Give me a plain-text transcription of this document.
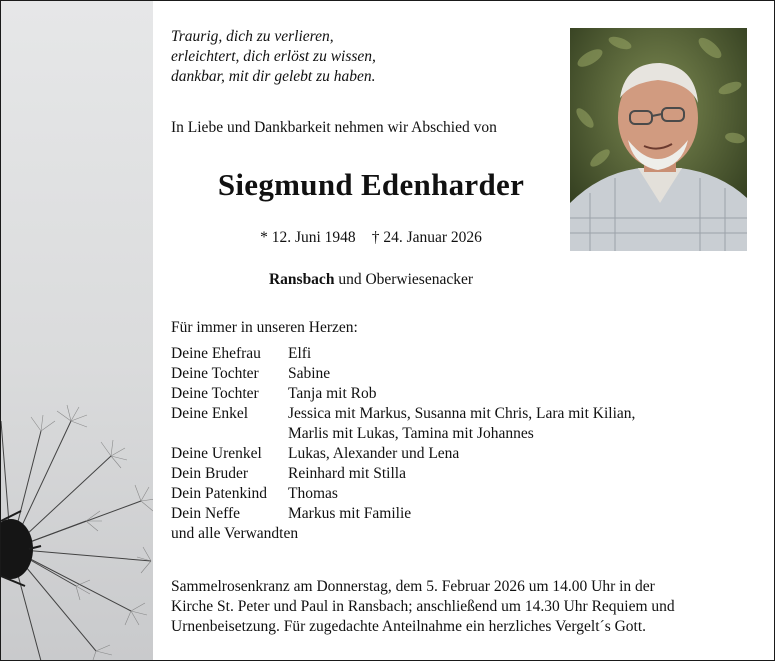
Traurig, dich zu verlieren,
erleichtert, dich erlöst zu wissen,
dankbar, mit dir gelebt zu haben.
In Liebe und Dankbarkeit nehmen wir Abschied von
Siegmund Edenharder
* 12. Juni 1948 † 24. Januar 2026
Ransbach und Oberwiesenacker
Für immer in unseren Herzen:
Deine Ehefrau	Elfi
Deine Tochter	Sabine
Deine Tochter	Tanja mit Rob
Deine Enkel	Jessica mit Markus, Susanna mit Chris, Lara mit Kilian,
Marlis mit Lukas, Tamina mit Johannes
Deine Urenkel	Lukas, Alexander und Lena
Dein Bruder	Reinhard mit Stilla
Dein Patenkind	Thomas
Dein Neffe	Markus mit Familie
und alle Verwandten
Sammelrosenkranz am Donnerstag, dem 5. Februar 2026 um 14.00 Uhr in der
Kirche St. Peter und Paul in Ransbach; anschließend um 14.30 Uhr Requiem und
Urnenbeisetzung. Für zugedachte Anteilnahme ein herzliches Vergelt´s Gott.
